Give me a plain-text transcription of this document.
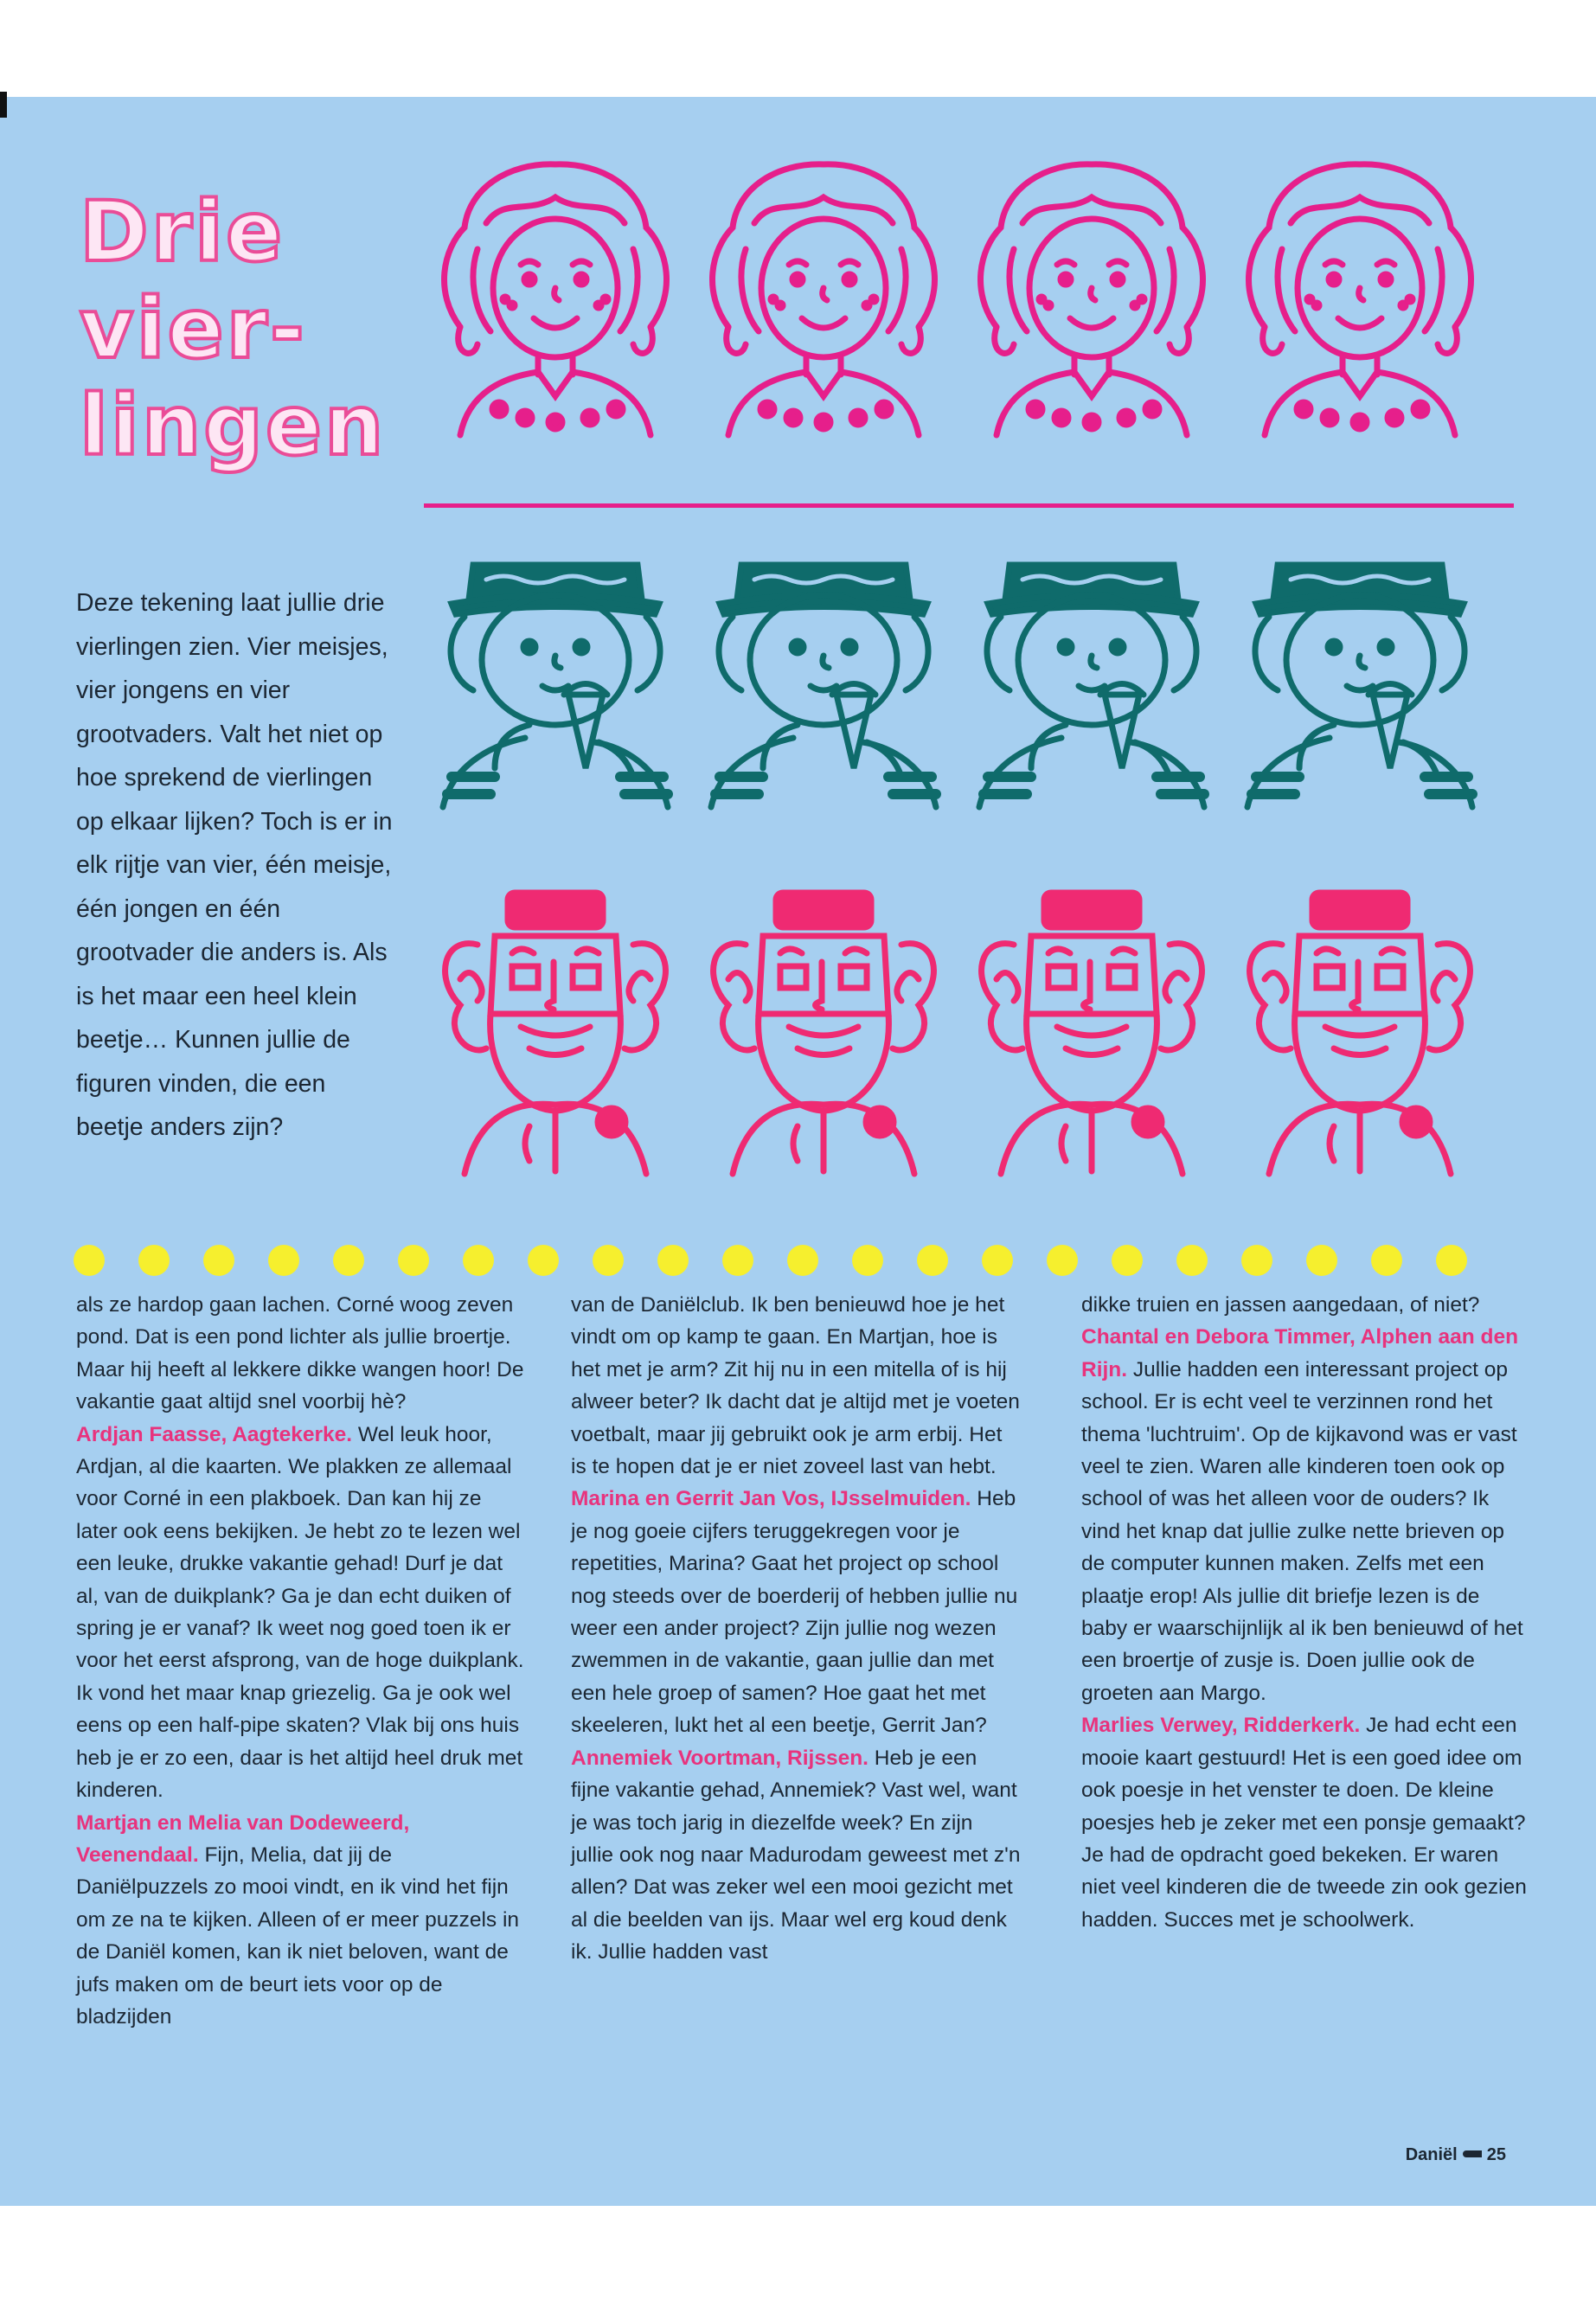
Drie
vier-
lingen
Deze tekening laat jullie drie vierlingen zien. Vier meisjes, vier jongens en vier grootvaders. Valt het niet op hoe sprekend de vierlingen op elkaar lijken? Toch is er in elk rijtje van vier, één meisje, één jongen en één grootvader die anders is. Als is het maar een heel klein beetje… Kunnen jullie de figuren vinden, die een beetje anders zijn?

als ze hardop gaan lachen. Corné woog zeven pond. Dat is een pond lichter als jullie broertje. Maar hij heeft al lekkere dikke wangen hoor! De vakantie gaat altijd snel voorbij hè?

Ardjan Faasse, Aagtekerke. Wel leuk hoor, Ardjan, al die kaarten. We plakken ze allemaal voor Corné in een plakboek. Dan kan hij ze later ook eens bekijken. Je hebt zo te lezen wel een leuke, drukke vakantie gehad! Durf je dat al, van de duikplank? Ga je dan echt duiken of spring je er vanaf? Ik weet nog goed toen ik er voor het eerst afsprong, van de hoge duikplank. Ik vond het maar knap griezelig. Ga je ook wel eens op een half-pipe skaten? Vlak bij ons huis heb je er zo een, daar is het altijd heel druk met kinderen.

Martjan en Melia van Dodeweerd, Veenendaal. Fijn, Melia, dat jij de Daniëlpuzzels zo mooi vindt, en ik vind het fijn om ze na te kijken. Alleen of er meer puzzels in de Daniël komen, kan ik niet beloven, want de jufs maken om de beurt iets voor op de bladzijden

van de Daniëlclub. Ik ben benieuwd hoe je het vindt om op kamp te gaan. En Martjan, hoe is het met je arm? Zit hij nu in een mitella of is hij alweer beter? Ik dacht dat je altijd met je voeten voetbalt, maar jij gebruikt ook je arm erbij. Het is te hopen dat je er niet zoveel last van hebt.

Marina en Gerrit Jan Vos, IJsselmuiden. Heb je nog goeie cijfers teruggekregen voor je repetities, Marina? Gaat het project op school nog steeds over de boerderij of hebben jullie nu weer een ander project? Zijn jullie nog wezen zwemmen in de vakantie, gaan jullie dan met een hele groep of samen? Hoe gaat het met skeeleren, lukt het al een beetje, Gerrit Jan?

Annemiek Voortman, Rijssen. Heb je een fijne vakantie gehad, Annemiek? Vast wel, want je was toch jarig in diezelfde week? En zijn jullie ook nog naar Madurodam geweest met z'n allen? Dat was zeker wel een mooi gezicht met al die beelden van ijs. Maar wel erg koud denk ik. Jullie hadden vast

dikke truien en jassen aangedaan, of niet?

Chantal en Debora Timmer, Alphen aan den Rijn. Jullie hadden een interessant project op school. Er is echt veel te verzinnen rond het thema 'luchtruim'. Op de kijkavond was er vast veel te zien. Waren alle kinderen toen ook op school of was het alleen voor de ouders? Ik vind het knap dat jullie zulke nette brieven op de computer kunnen maken. Zelfs met een plaatje erop! Als jullie dit briefje lezen is de baby er waarschijnlijk al ik ben benieuwd of het een broertje of zusje is. Doen jullie ook de groeten aan Margo.

Marlies Verwey, Ridderkerk. Je had echt een mooie kaart gestuurd! Het is een goed idee om ook poesje in het venster te doen. De kleine poesjes heb je zeker met een ponsje gemaakt? Je had de opdracht goed bekeken. Er waren niet veel kinderen die de tweede zin ook gezien hadden. Succes met je schoolwerk.

Daniël 25
